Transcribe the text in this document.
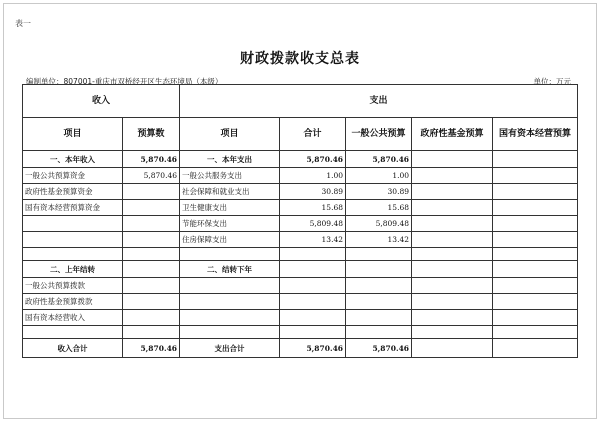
表一
财政拨款收支总表
编制单位：807001-重庆市双桥经开区生态环境局（本级）	单位：万元
收入		支出				
项目	预算数	项目	合计	一般公共预算	政府性基金预算	国有资本经营预算
一、本年收入	5,870.46	一、本年支出	5,870.46	5,870.46		
一般公共预算资金	5,870.46	一般公共服务支出	1.00	1.00		
政府性基金预算资金		社会保障和就业支出	30.89	30.89		
国有资本经营预算资金		卫生健康支出	15.68	15.68		
		节能环保支出	5,809.48	5,809.48		
		住房保障支出	13.42	13.42		

二、上年结转		二、结转下年				
一般公共预算拨款						
政府性基金预算拨款						
国有资本经营收入						

收入合计	5,870.46	支出合计	5,870.46	5,870.46		
